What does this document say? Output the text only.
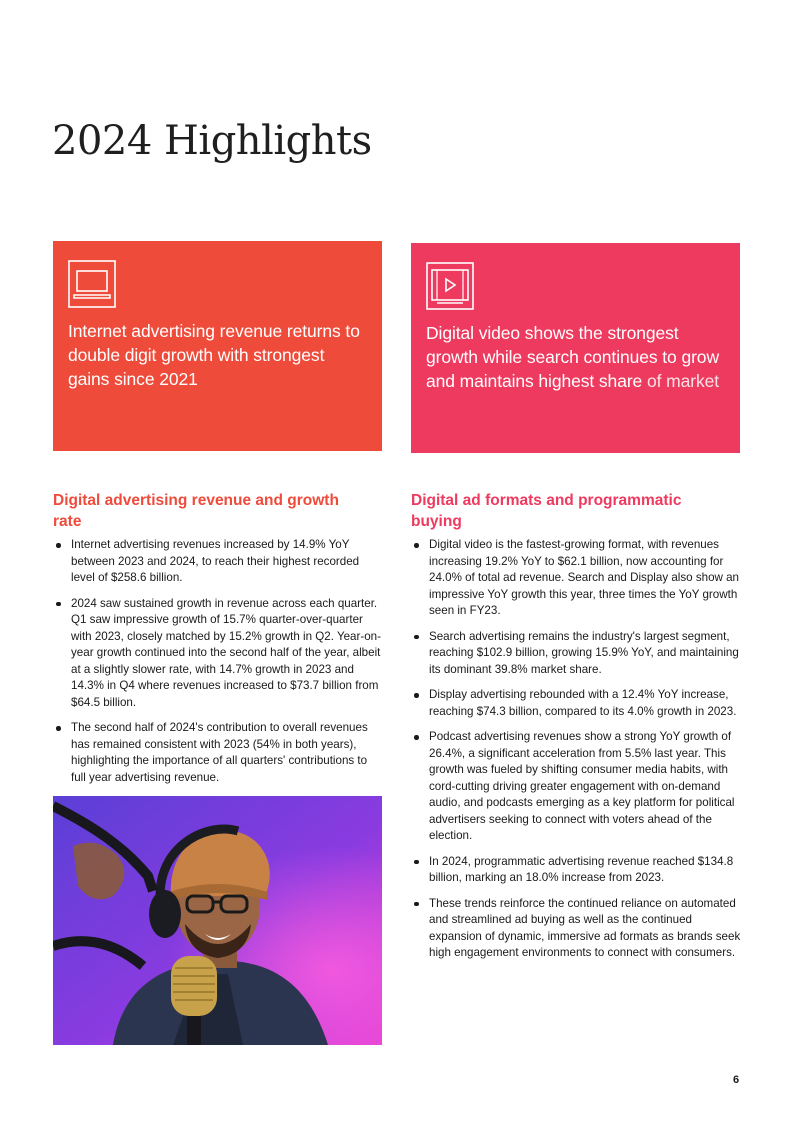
2024 Highlights
Internet advertising revenue returns to double digit growth with strongest gains since 2021
Digital video shows the strongest growth while search continues to grow and maintains highest share of market
Digital advertising revenue and growth rate
Internet advertising revenues increased by 14.9% YoY between 2023 and 2024, to reach their highest recorded level of $258.6 billion.
2024 saw sustained growth in revenue across each quarter. Q1 saw impressive growth of 15.7% quarter-over-quarter with 2023, closely matched by 15.2% growth in Q2. Year-on-year growth continued into the second half of the year, albeit at a slightly slower rate, with 14.7% growth in 2023 and 14.3% in Q4 where revenues increased to $73.7 billion from $64.5 billion.
The second half of 2024's contribution to overall revenues has remained consistent with 2023 (54% in both years), highlighting the importance of all quarters' contributions to full year advertising revenue.
Digital ad formats and programmatic buying
Digital video is the fastest-growing format, with revenues increasing 19.2% YoY to $62.1 billion, now accounting for 24.0% of total ad revenue. Search and Display also show an impressive YoY growth this year, three times the YoY growth seen in FY23.
Search advertising remains the industry's largest segment, reaching $102.9 billion, growing 15.9% YoY, and maintaining its dominant 39.8% market share.
Display advertising rebounded with a 12.4% YoY increase, reaching $74.3 billion, compared to its 4.0% growth in 2023.
Podcast advertising revenues show a strong YoY growth of 26.4%, a significant acceleration from 5.5% last year. This growth was fueled by shifting consumer media habits, with cord-cutting driving greater engagement with on-demand audio, and podcasts emerging as a key platform for political advertisers seeking to connect with voters ahead of the election.
In 2024, programmatic advertising revenue reached $134.8 billion, marking an 18.0% increase from 2023.
These trends reinforce the continued reliance on automated and streamlined ad buying as well as the continued expansion of dynamic, immersive ad formats as brands seek high engagement environments to connect with consumers.
6
